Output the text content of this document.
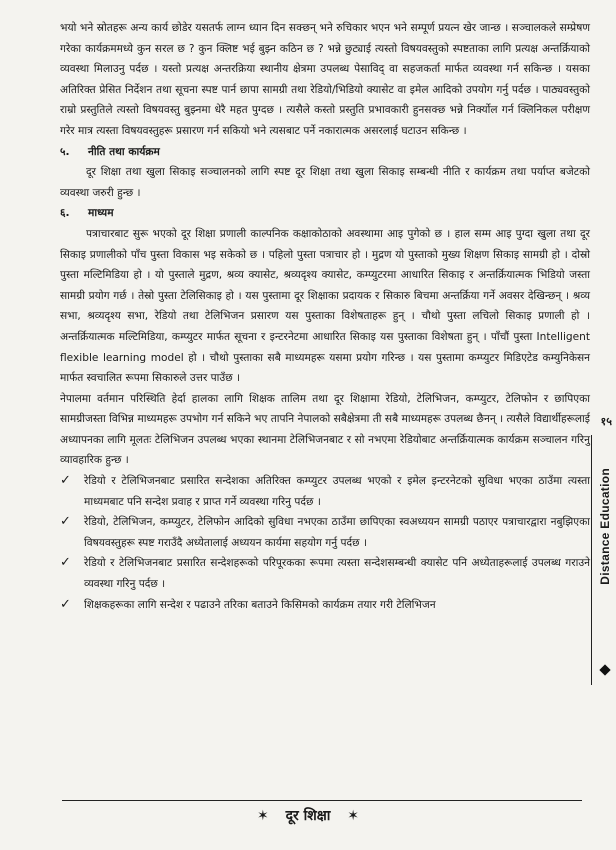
भयो भने स्रोतहरू अन्य कार्य छोडेर यसतर्फ लाग्न ध्यान दिन सक्छन् भने रुचिकार भएन भने सम्पूर्ण प्रयत्न खेर जान्छ । सञ्चालकले सम्प्रेषण गरेका कार्यक्रममध्ये कुन सरल छ ? कुन क्लिष्ट भई बुझ्न कठिन छ ? भन्ने छुट्याई त्यस्तो विषयवस्तुको स्पष्टताका लागि प्रत्यक्ष अन्तर्क्रियाको व्यवस्था मिलाउनु पर्दछ । यस्तो प्रत्यक्ष अन्तरक्रिया स्थानीय क्षेत्रमा उपलब्ध पेसाविद् वा सहजकर्ता मार्फत व्यवस्था गर्न सकिन्छ । यसका अतिरिक्त प्रेसित निर्देशन तथा सूचना स्पष्ट पार्न छापा सामग्री तथा रेडियो/भिडियो क्यासेट वा इमेल आदिको उपयोग गर्नु पर्दछ । पाठ्यवस्तुको राम्रो प्रस्तुतिले त्यस्तो विषयवस्तु बुझ्नमा धेरै महत पुग्दछ । त्यसैले कस्तो प्रस्तुति प्रभावकारी हुनसक्छ भन्ने निर्क्योल गर्न क्लिनिकल परीक्षण गरेर मात्र त्यस्ता विषयवस्तुहरू प्रसारण गर्न सकियो भने त्यसबाट पर्ने नकारात्मक असरलाई घटाउन सकिन्छ ।

५.	नीति तथा कार्यक्रम

दूर शिक्षा तथा खुला सिकाइ सञ्चालनको लागि स्पष्ट दूर शिक्षा तथा खुला सिकाइ सम्बन्धी नीति र कार्यक्रम तथा पर्याप्त बजेटको व्यवस्था जरुरी हुन्छ ।

६.	माध्यम

पत्राचारबाट सुरू भएको दूर शिक्षा प्रणाली काल्पनिक कक्षाकोठाको अवस्थामा आइ पुगेको छ । हाल सम्म आइ पुग्दा खुला तथा दूर सिकाइ प्रणालीको पाँच पुस्ता विकास भइ सकेको छ । पहिलो पुस्ता पत्राचार हो । मुद्रण यो पुस्ताको मुख्य शिक्षण सिकाइ सामग्री हो । दोस्रो पुस्ता मल्टिमिडिया हो । यो पुस्ताले मुद्रण, श्रव्य क्यासेट, श्रव्यदृश्य क्यासेट, कम्प्युटरमा आधारित सिकाइ र अन्तर्क्रियात्मक भिडियो जस्ता सामग्री प्रयोग गर्छ । तेस्रो पुस्ता टेलिसिकाइ हो । यस पुस्तामा दूर शिक्षाका प्रदायक र सिकारु बिचमा अन्तर्क्रिया गर्ने अवसर देखिन्छन् । श्रव्य सभा, श्रव्यदृश्य सभा, रेडियो तथा टेलिभिजन प्रसारण यस पुस्ताका विशेषताहरू हुन् । चौथो पुस्ता लचिलो सिकाइ प्रणाली हो । अन्तर्क्रियात्मक मल्टिमिडिया, कम्प्युटर मार्फत सूचना र इन्टरनेटमा आधारित सिकाइ यस पुस्ताका विशेषता हुन् । पाँचौं पुस्ता Intelligent flexible learning model हो । चौथो पुस्ताका सबै माध्यमहरू यसमा प्रयोग गरिन्छ । यस पुस्तामा कम्प्युटर मिडिएटेड कम्युनिकेसन मार्फत स्वचालित रूपमा सिकारुले उत्तर पाउँछ ।

नेपालमा वर्तमान परिस्थिति हेर्दा हालका लागि शिक्षक तालिम तथा दूर शिक्षामा रेडियो, टेलिभिजन, कम्प्युटर, टेलिफोन र छापिएका सामग्रीजस्ता विभिन्न माध्यमहरू उपभोग गर्न सकिने भए तापनि नेपालको सबैक्षेत्रमा ती सबै माध्यमहरू उपलब्ध छैनन् । त्यसैले विद्यार्थीहरूलाई अध्यापनका लागि मूलतः टेलिभिजन उपलब्ध भएका स्थानमा टेलिभिजनबाट र सो नभएमा रेडियोबाट अन्तर्क्रियात्मक कार्यक्रम सञ्चालन गरिनु व्यावहारिक हुन्छ ।

✓ रेडियो र टेलिभिजनबाट प्रसारित सन्देशका अतिरिक्त कम्प्युटर उपलब्ध भएको र इमेल इन्टरनेटको सुविधा भएका ठाउँमा त्यस्ता माध्यमबाट पनि सन्देश प्रवाह र प्राप्त गर्ने व्यवस्था गरिनु पर्दछ ।
✓ रेडियो, टेलिभिजन, कम्प्युटर, टेलिफोन आदिको सुविधा नभएका ठाउँमा छापिएका स्वअध्ययन सामग्री पठाएर पत्राचारद्वारा नबुझिएका विषयवस्तुहरू स्पष्ट गराउँदै अध्येतालाई अध्ययन कार्यमा सहयोग गर्नु पर्दछ ।
✓ रेडियो र टेलिभिजनबाट प्रसारित सन्देशहरूको परिपूरकका रूपमा त्यस्ता सन्देशसम्बन्धी क्यासेट पनि अध्येताहरूलाई उपलब्ध गराउने व्यवस्था गरिनु पर्दछ ।
✓ शिक्षकहरूका लागि सन्देश र पढाउने तरिका बताउने किसिमको कार्यक्रम तयार गरी टेलिभिजन
१५
Distance Education
✶ दूर शिक्षा ✶
